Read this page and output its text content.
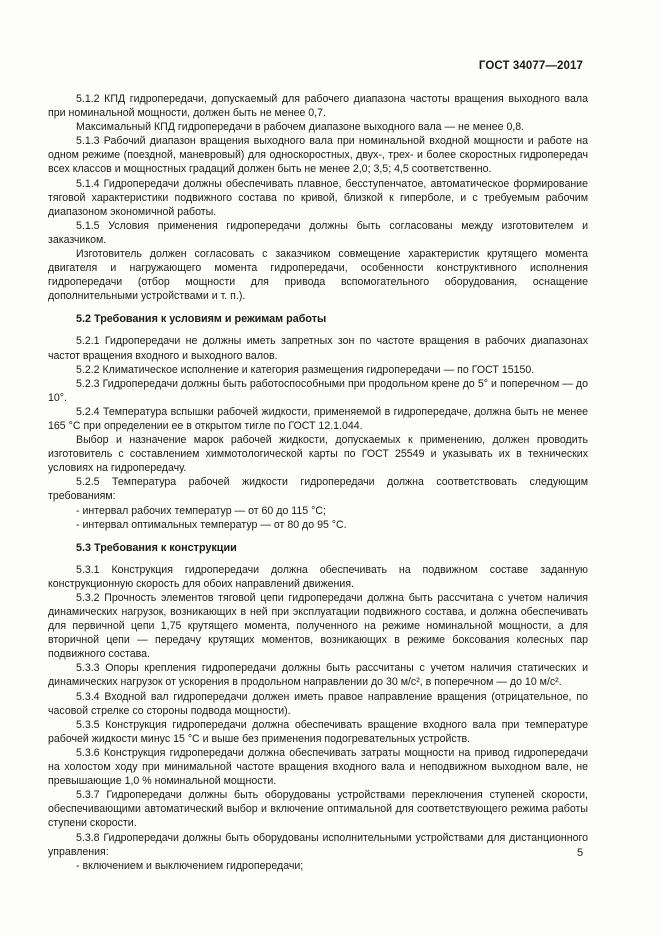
ГОСТ 34077—2017

5.1.2 КПД гидропередачи, допускаемый для рабочего диапазона частоты вращения выходного вала при номинальной мощности, должен быть не менее 0,7.

Максимальный КПД гидропередачи в рабочем диапазоне выходного вала — не менее 0,8.

5.1.3 Рабочий диапазон вращения выходного вала при номинальной входной мощности и работе на одном режиме (поездной, маневровый) для односкоростных, двух-, трех- и более скоростных гидропередач всех классов и мощностных градаций должен быть не менее 2,0; 3,5; 4,5 соответственно.

5.1.4 Гидропередачи должны обеспечивать плавное, бесступенчатое, автоматическое формирование тяговой характеристики подвижного состава по кривой, близкой к гиперболе, и с требуемым рабочим диапазоном экономичной работы.

5.1.5 Условия применения гидропередачи должны быть согласованы между изготовителем и заказчиком.

Изготовитель должен согласовать с заказчиком совмещение характеристик крутящего момента двигателя и нагружающего момента гидропередачи, особенности конструктивного исполнения гидропередачи (отбор мощности для привода вспомогательного оборудования, оснащение дополнительными устройствами и т. п.).

5.2 Требования к условиям и режимам работы

5.2.1 Гидропередачи не должны иметь запретных зон по частоте вращения в рабочих диапазонах частот вращения входного и выходного валов.

5.2.2 Климатическое исполнение и категория размещения гидропередачи — по ГОСТ 15150.

5.2.3 Гидропередачи должны быть работоспособными при продольном крене до 5° и поперечном — до 10°.

5.2.4 Температура вспышки рабочей жидкости, применяемой в гидропередаче, должна быть не менее 165 °С при определении ее в открытом тигле по ГОСТ 12.1.044.

Выбор и назначение марок рабочей жидкости, допускаемых к применению, должен проводить изготовитель с составлением химмотологической карты по ГОСТ 25549 и указывать их в технических условиях на гидропередачу.

5.2.5 Температура рабочей жидкости гидропередачи должна соответствовать следующим требованиям:

- интервал рабочих температур — от 60 до 115 °С;

- интервал оптимальных температур — от 80 до 95 °С.

5.3 Требования к конструкции

5.3.1 Конструкция гидропередачи должна обеспечивать на подвижном составе заданную конструкционную скорость для обоих направлений движения.

5.3.2 Прочность элементов тяговой цепи гидропередачи должна быть рассчитана с учетом наличия динамических нагрузок, возникающих в ней при эксплуатации подвижного состава, и должна обеспечивать для первичной цепи 1,75 крутящего момента, полученного на режиме номинальной мощности, а для вторичной цепи — передачу крутящих моментов, возникающих в режиме боксования колесных пар подвижного состава.

5.3.3 Опоры крепления гидропередачи должны быть рассчитаны с учетом наличия статических и динамических нагрузок от ускорения в продольном направлении до 30 м/с², в поперечном — до 10 м/с².

5.3.4 Входной вал гидропередачи должен иметь правое направление вращения (отрицательное, по часовой стрелке со стороны подвода мощности).

5.3.5 Конструкция гидропередачи должна обеспечивать вращение входного вала при температуре рабочей жидкости минус 15 °С и выше без применения подогревательных устройств.

5.3.6 Конструкция гидропередачи должна обеспечивать затраты мощности на привод гидропередачи на холостом ходу при минимальной частоте вращения входного вала и неподвижном выходном вале, не превышающие 1,0 % номинальной мощности.

5.3.7 Гидропередачи должны быть оборудованы устройствами переключения ступеней скорости, обеспечивающими автоматический выбор и включение оптимальной для соответствующего режима работы ступени скорости.

5.3.8 Гидропередачи должны быть оборудованы исполнительными устройствами для дистанционного управления:

- включением и выключением гидропередачи;

5
